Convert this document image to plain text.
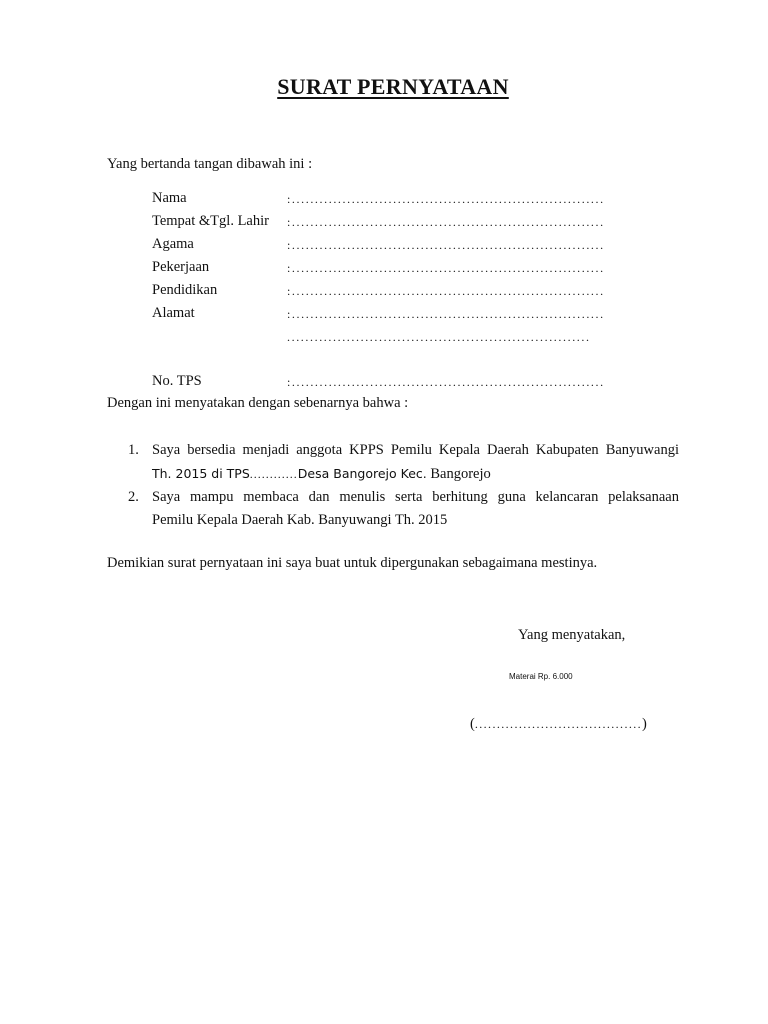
SURAT PERNYATAAN
Yang bertanda tangan dibawah ini :
Nama	:....................................................................
Tempat &Tgl. Lahir	:....................................................................
Agama	:....................................................................
Pekerjaan	:....................................................................
Pendidikan	:....................................................................
Alamat	:....................................................................
..................................................................
No. TPS	:....................................................................
Dengan ini menyatakan dengan sebenarnya bahwa :
1. Saya bersedia menjadi anggota KPPS Pemilu Kepala Daerah Kabupaten Banyuwangi
Th. 2015 di TPS............Desa Bangorejo Kec. Bangorejo
2. Saya mampu membaca dan menulis serta berhitung guna kelancaran pelaksanaan
Pemilu Kepala Daerah Kab. Banyuwangi Th. 2015
Demikian surat pernyataan ini saya buat untuk dipergunakan sebagaimana mestinya.
Yang menyatakan,
Materai Rp. 6.000
(......................................)
